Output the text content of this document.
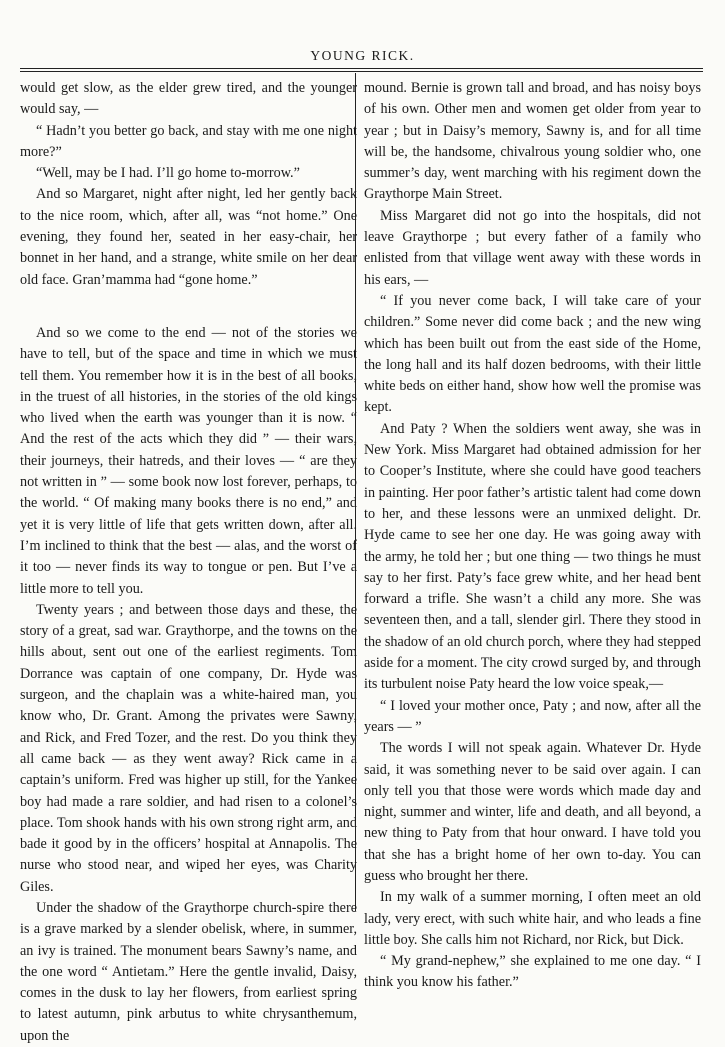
YOUNG RICK.

would get slow, as the elder grew tired, and the younger would say, —

“ Hadn’t you better go back, and stay with me one night more?”

“Well, may be I had. I’ll go home to-morrow.”

And so Margaret, night after night, led her gently back to the nice room, which, after all, was “not home.” One evening, they found her, seated in her easy-chair, her bonnet in her hand, and a strange, white smile on her dear old face. Gran’mamma had “gone home.”

And so we come to the end — not of the stories we have to tell, but of the space and time in which we must tell them. You remember how it is in the best of all books, in the truest of all histories, in the stories of the old kings who lived when the earth was younger than it is now. “ And the rest of the acts which they did ” — their wars, their journeys, their hatreds, and their loves — “ are they not written in ” — some book now lost forever, perhaps, to the world. “ Of making many books there is no end,” and yet it is very little of life that gets written down, after all. I’m inclined to think that the best — alas, and the worst of it too — never finds its way to tongue or pen. But I’ve a little more to tell you.

Twenty years ; and between those days and these, the story of a great, sad war. Graythorpe, and the towns on the hills about, sent out one of the earliest regiments. Tom Dorrance was captain of one company, Dr. Hyde was surgeon, and the chaplain was a white-haired man, you know who, Dr. Grant. Among the privates were Sawny, and Rick, and Fred Tozer, and the rest. Do you think they all came back — as they went away? Rick came in a captain’s uniform. Fred was higher up still, for the Yankee boy had made a rare soldier, and had risen to a colonel’s place. Tom shook hands with his own strong right arm, and bade it good by in the officers’ hospital at Annapolis. The nurse who stood near, and wiped her eyes, was Charity Giles.

Under the shadow of the Graythorpe church-spire there is a grave marked by a slender obelisk, where, in summer, an ivy is trained. The monument bears Sawny’s name, and the one word “ Antietam.” Here the gentle invalid, Daisy, comes in the dusk to lay her flowers, from earliest spring to latest autumn, pink arbutus to white chrysanthemum, upon the

mound. Bernie is grown tall and broad, and has noisy boys of his own. Other men and women get older from year to year ; but in Daisy’s memory, Sawny is, and for all time will be, the handsome, chivalrous young soldier who, one summer’s day, went marching with his regiment down the Graythorpe Main Street.

Miss Margaret did not go into the hospitals, did not leave Graythorpe ; but every father of a family who enlisted from that village went away with these words in his ears, —

“ If you never come back, I will take care of your children.” Some never did come back ; and the new wing which has been built out from the east side of the Home, the long hall and its half dozen bedrooms, with their little white beds on either hand, show how well the promise was kept.

And Paty ? When the soldiers went away, she was in New York. Miss Margaret had obtained admission for her to Cooper’s Institute, where she could have good teachers in painting. Her poor father’s artistic talent had come down to her, and these lessons were an unmixed delight. Dr. Hyde came to see her one day. He was going away with the army, he told her ; but one thing — two things he must say to her first. Paty’s face grew white, and her head bent forward a trifle. She wasn’t a child any more. She was seventeen then, and a tall, slender girl. There they stood in the shadow of an old church porch, where they had stepped aside for a moment. The city crowd surged by, and through its turbulent noise Paty heard the low voice speak,—

“ I loved your mother once, Paty ; and now, after all the years — ”

The words I will not speak again. Whatever Dr. Hyde said, it was something never to be said over again. I can only tell you that those were words which made day and night, summer and winter, life and death, and all beyond, a new thing to Paty from that hour onward. I have told you that she has a bright home of her own to-day. You can guess who brought her there.

In my walk of a summer morning, I often meet an old lady, very erect, with such white hair, and who leads a fine little boy. She calls him not Richard, nor Rick, but Dick.

“ My grand-nephew,” she explained to me one day. “ I think you know his father.”
